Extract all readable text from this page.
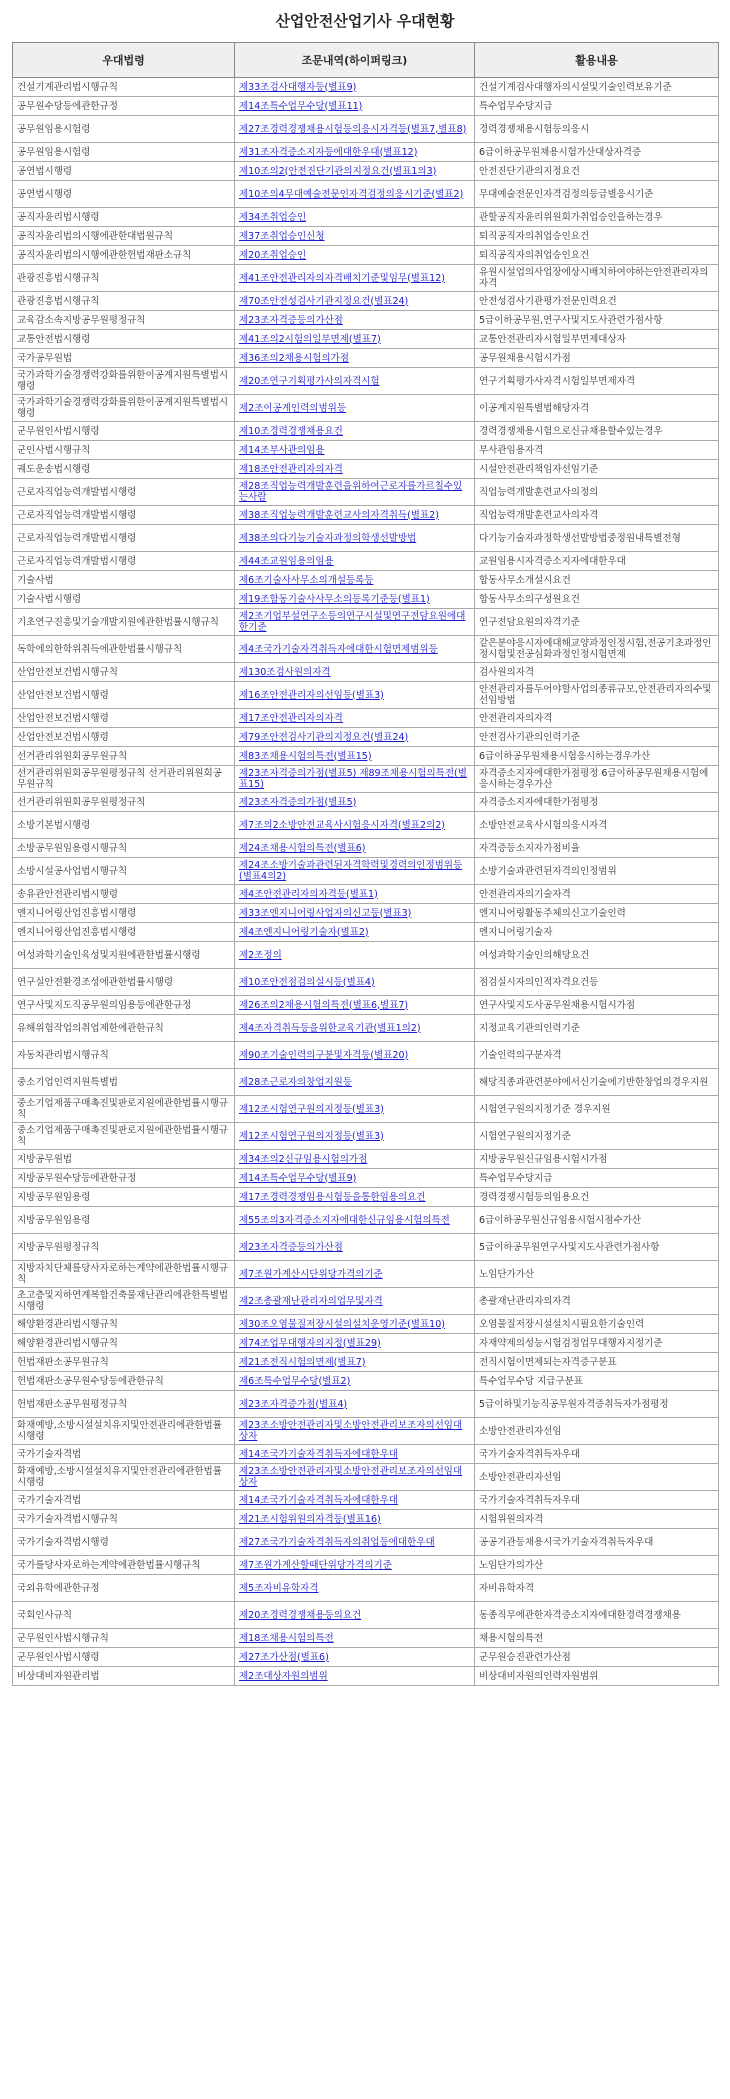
산업안전산업기사 우대현황
우대법령	조문내역(하이퍼링크)	활용내용
건설기계관리법시행규칙	제33조검사대행자등(별표9)	건설기계검사대행자의시설및기술인력보유기준
공무원수당등에관한규정	제14조특수업무수당(별표11)	특수업무수당지급
공무원임용시험령	제27조경력경쟁채용시험등의응시자격등(별표7,별표8)	경력경쟁채용시험등의응시
공무원임용시험령	제31조자격증소지자등에대한우대(별표12)	6급이하공무원채용시험가산대상자격증
공연법시행령	제10조의2(안전진단기관의지정요건(별표1의3)	안전진단기관의지정요건
공연법시행령	제10조의4무대예술전문인자격검정의응시기준(별표2)	무대예술전문인자격검정의등급별응시기준
공직자윤리법시행령	제34조취업승인	관할공직자윤리위원회가취업승인을하는경우
공직자윤리법의시행에관한대법원규칙	제37조취업승인신청	퇴직공직자의취업승인요건
공직자윤리법의시행에관한헌법재판소규칙	제20조취업승인	퇴직공직자의취업승인요건
관광진흥법시행규칙	제41조안전관리자의자격배치기준및임무(별표12)	유원시설업의사업장에상시배치하여야하는안전관리자의자격
관광진흥법시행규칙	제70조안전성검사기관지정요건(별표24)	안전성검사기관평가전문인력요건
교육감소속지방공무원평정규칙	제23조자격증등의가산점	5급이하공무원,연구사및지도사관련가점사항
교통안전법시행령	제41조의2시험의일부면제(별표7)	교통안전관리자시험일부면제대상자
국가공무원법	제36조의2채용시험의가점	공무원채용시험시가점
국가과학기술경쟁력강화를위한이공계지원특별법시행령	제20조연구기획평가사의자격시험	연구기획평가사자격시험일부면제자격
국가과학기술경쟁력강화를위한이공계지원특별법시행령	제2조이공계인력의범위등	이공계지원특별법해당자격
군무원인사법시행령	제10조경력경쟁채용요건	경력경쟁채용시험으로신규채용할수있는경우
군인사법시행규칙	제14조부사관의임용	부사관임용자격
궤도운송법시행령	제18조안전관리자의자격	시설안전관리책임자선임기준
근로자직업능력개발법시행령	제28조직업능력개발훈련을위하여근로자를가르칠수있는사람	직업능력개발훈련교사의정의
근로자직업능력개발법시행령	제38조직업능력개발훈련교사의자격취득(별표2)	직업능력개발훈련교사의자격
근로자직업능력개발법시행령	제38조의다기능기술자과정의학생선발방법	다기능기술자과정학생선발방법중정원내특별전형
근로자직업능력개발법시행령	제44조교원임용의임용	교원임용시자격증소지자에대한우대
기술사법	제6조기술사사무소의개설등록등	합동사무소개설시요건
기술사법시행령	제19조합동기술사사무소의등록기준등(별표1)	합동사무소의구성원요건
기초연구진흥및기술개발지원에관한법률시행규칙	제2조기업부설연구소등의연구시설및연구전담요원에대한기준	연구전담요원의자격기준
독학에의한학위취득에관한법률시행규칙	제4조국가기술자격취득자에대한시험면제범위등	같은분야응시자에대해교양과정인정시험,전공기초과정인정시험및전공심화과정인정시험면제
산업안전보건법시행규칙	제130조검사원의자격	검사원의자격
산업안전보건법시행령	제16조안전관리자의선임등(별표3)	안전관리자를두어야할사업의종류규모,안전관리자의수및선임방법
산업안전보건법시행령	제17조안전관리자의자격	안전관리자의자격
산업안전보건법시행령	제79조안전검사기관의지정요건(별표24)	안전검사기관의인력기준
선거관리위원회공무원규칙	제83조채용시험의특전(별표15)	6급이하공무원채용시험응시하는경우가산
선거관리위원회공무원평정규칙 선거관리위원회공무원규칙	제23조자격증의가점(별표5) 제89조채용시험의특전(별표15)	자격증소지자에대한가점평정 6급이하공무원채용시험에응시하는경우가산
선거관리위원회공무원평정규칙	제23조자격증의가점(별표5)	자격증소지자에대한가점평정
소방기본법시행령	제7조의2소방안전교육사시험응시자격(별표2의2)	소방안전교육사시험의응시자격
소방공무원임용령시행규칙	제24조채용시험의특전(별표6)	자격증등소지자가점비율
소방시설공사업법시행규칙	제24조소방기술과관련된자격학력및경력의인정범위등(별표4의2)	소방기술과관련된자격의인정범위
송유관안전관리법시행령	제4조안전관리자의자격등(별표1)	안전관리자의기술자격
엔지니어링산업진흥법시행령	제33조엔지니어링사업자의신고등(별표3)	엔지니어링활동주체의신고기술인력
엔지니어링산업진흥법시행령	제4조엔지니어링기술자(별표2)	엔지니어링기술자
여성과학기술인육성및지원에관한법률시행령	제2조정의	여성과학기술인의해당요건
연구실안전환경조성에관한법률시행령	제10조안전점검의실시등(별표4)	점검실시자의인적자격요건등
연구사및지도직공무원의임용등에관한규정	제26조의2채용시험의특전(별표6,별표7)	연구사및지도사공무원채용시험시가점
유해위험작업의취업제한에관한규칙	제4조자격취득등을위한교육기관(별표1의2)	지정교육기관의인력기준
자동차관리법시행규칙	제90조기술인력의구분및자격등(별표20)	기술인력의구분자격
중소기업인력지원특별법	제28조근로자의창업지원등	해당직종과관련분야에서신기술에기반한창업의경우지원
중소기업제품구매촉진및판로지원에관한법률시행규칙	제12조시험연구원의지정등(별표3)	시험연구원의지정기준 경우지원
중소기업제품구매촉진및판로지원에관한법률시행규칙	제12조시험연구원의지정등(별표3)	시험연구원의지정기준
지방공무원법	제34조의2신규임용시험의가점	지방공무원신규임용시험시가점
지방공무원수당등에관한규정	제14조특수업무수당(별표9)	특수업무수당지급
지방공무원임용령	제17조경력경쟁임용시험등을통한임용의요건	경력경쟁시험등의임용요건
지방공무원임용령	제55조의3자격증소지자에대한신규임용시험의특전	6급이하공무원신규임용시험시점수가산
지방공무원평정규칙	제23조자격증등의가산점	5급이하공무원연구사및지도사관련가점사항
지방자치단체를당사자로하는계약에관한법률시행규칙	제7조원가계산시단위당가격의기준	노임단가가산
초고층및지하연계복합건축물재난관리에관한특별법시행령	제2조총괄재난관리자의업무및자격	총괄재난관리자의자격
해양환경관리법시행규칙	제30조오염물질저장시설의설치운영기준(별표10)	오염물질저장시설설치시필요한기술인력
해양환경관리법시행규칙	제74조업무대행자의지정(별표29)	자재약제의성능시험검정업무대행자지정기준
헌법재판소공무원규칙	제21조전직시험의면제(별표7)	전직시험이면제되는자격증구분표
헌법재판소공무원수당등에관한규칙	제6조특수업무수당(별표2)	특수업무수당 지급구분표
헌법재판소공무원평정규칙	제23조자격증가점(별표4)	5급이하및기능직공무원자격증취득자가점평정
화재예방,소방시설설치유지및안전관리에관한법률시행령	제23조소방안전관리자및소방안전관리보조자의선임대상자	소방안전관리자선임
국가기술자격법	제14조국가기술자격취득자에대한우대	국가기술자격취득자우대
화재예방,소방시설설치유지및안전관리에관한법률시행령	제23조소방안전관리자및소방안전관리보조자의선임대상자	소방안전관리자선임
국가기술자격법	제14조국가기술자격취득자에대한우대	국가기술자격취득자우대
국가기술자격법시행규칙	제21조시험위원의자격등(별표16)	시험위원의자격
국가기술자격법시행령	제27조국가기술자격취득자의취업등에대한우대	공공기관등채용시국가기술자격취득자우대
국가를당사자로하는계약에관한법률시행규칙	제7조원가계산할때단위당가격의기준	노임단가의가산
국외유학에관한규정	제5조자비유학자격	자비유학자격
국회인사규칙	제20조경력경쟁채용등의요건	동종직무에관한자격증소지자에대한경력경쟁채용
군무원인사법시행규칙	제18조채용시험의특전	채용시험의특전
군무원인사법시행령	제27조가산점(별표6)	군무원승진관련가산점
비상대비자원관리법	제2조대상자원의범위	비상대비자원의인력자원범위
